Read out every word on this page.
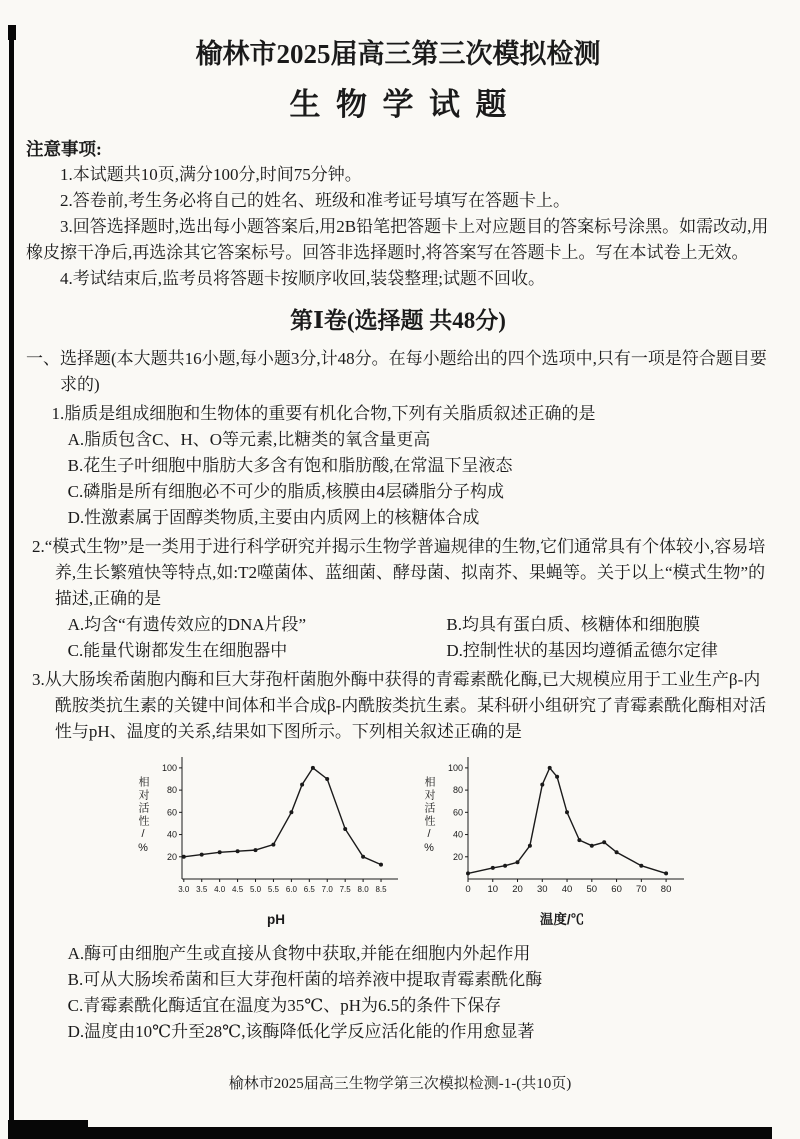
榆林市2025届高三第三次模拟检测
生物学试题

注意事项:

1.本试题共10页,满分100分,时间75分钟。

2.答卷前,考生务必将自己的姓名、班级和准考证号填写在答题卡上。

3.回答选择题时,选出每小题答案后,用2B铅笔把答题卡上对应题目的答案标号涂黑。如需改动,用橡皮擦干净后,再选涂其它答案标号。回答非选择题时,将答案写在答题卡上。写在本试卷上无效。

4.考试结束后,监考员将答题卡按顺序收回,装袋整理;试题不回收。

第Ⅰ卷(选择题 共48分)

一、选择题(本大题共16小题,每小题3分,计48分。在每小题给出的四个选项中,只有一项是符合题目要求的)

1.脂质是组成细胞和生物体的重要有机化合物,下列有关脂质叙述正确的是

A.脂质包含C、H、O等元素,比糖类的氧含量更高

B.花生子叶细胞中脂肪大多含有饱和脂肪酸,在常温下呈液态

C.磷脂是所有细胞必不可少的脂质,核膜由4层磷脂分子构成

D.性激素属于固醇类物质,主要由内质网上的核糖体合成

2.“模式生物”是一类用于进行科学研究并揭示生物学普遍规律的生物,它们通常具有个体较小,容易培养,生长繁殖快等特点,如:T2噬菌体、蓝细菌、酵母菌、拟南芥、果蝇等。关于以上“模式生物”的描述,正确的是

A.均含“有遗传效应的DNA片段”	B.均具有蛋白质、核糖体和细胞膜

C.能量代谢都发生在细胞器中	D.控制性状的基因均遵循孟德尔定律

3.从大肠埃希菌胞内酶和巨大芽孢杆菌胞外酶中获得的青霉素酰化酶,已大规模应用于工业生产β-内酰胺类抗生素的关键中间体和半合成β-内酰胺类抗生素。某科研小组研究了青霉素酰化酶相对活性与pH、温度的关系,结果如下图所示。下列相关叙述正确的是

相对活性/%
20
40
60
80
100
3.0 3.5 4.0 4.5 5.0 5.5 6.0 6.5 7.0 7.5 8.0 8.5
pH
相对活性/%
20
40
60
80
100
0 10 20 30 40 50 60 70 80
温度/℃

A.酶可由细胞产生或直接从食物中获取,并能在细胞内外起作用

B.可从大肠埃希菌和巨大芽孢杆菌的培养液中提取青霉素酰化酶

C.青霉素酰化酶适宜在温度为35℃、pH为6.5的条件下保存

D.温度由10℃升至28℃,该酶降低化学反应活化能的作用愈显著

榆林市2025届高三生物学第三次模拟检测-1-(共10页)
